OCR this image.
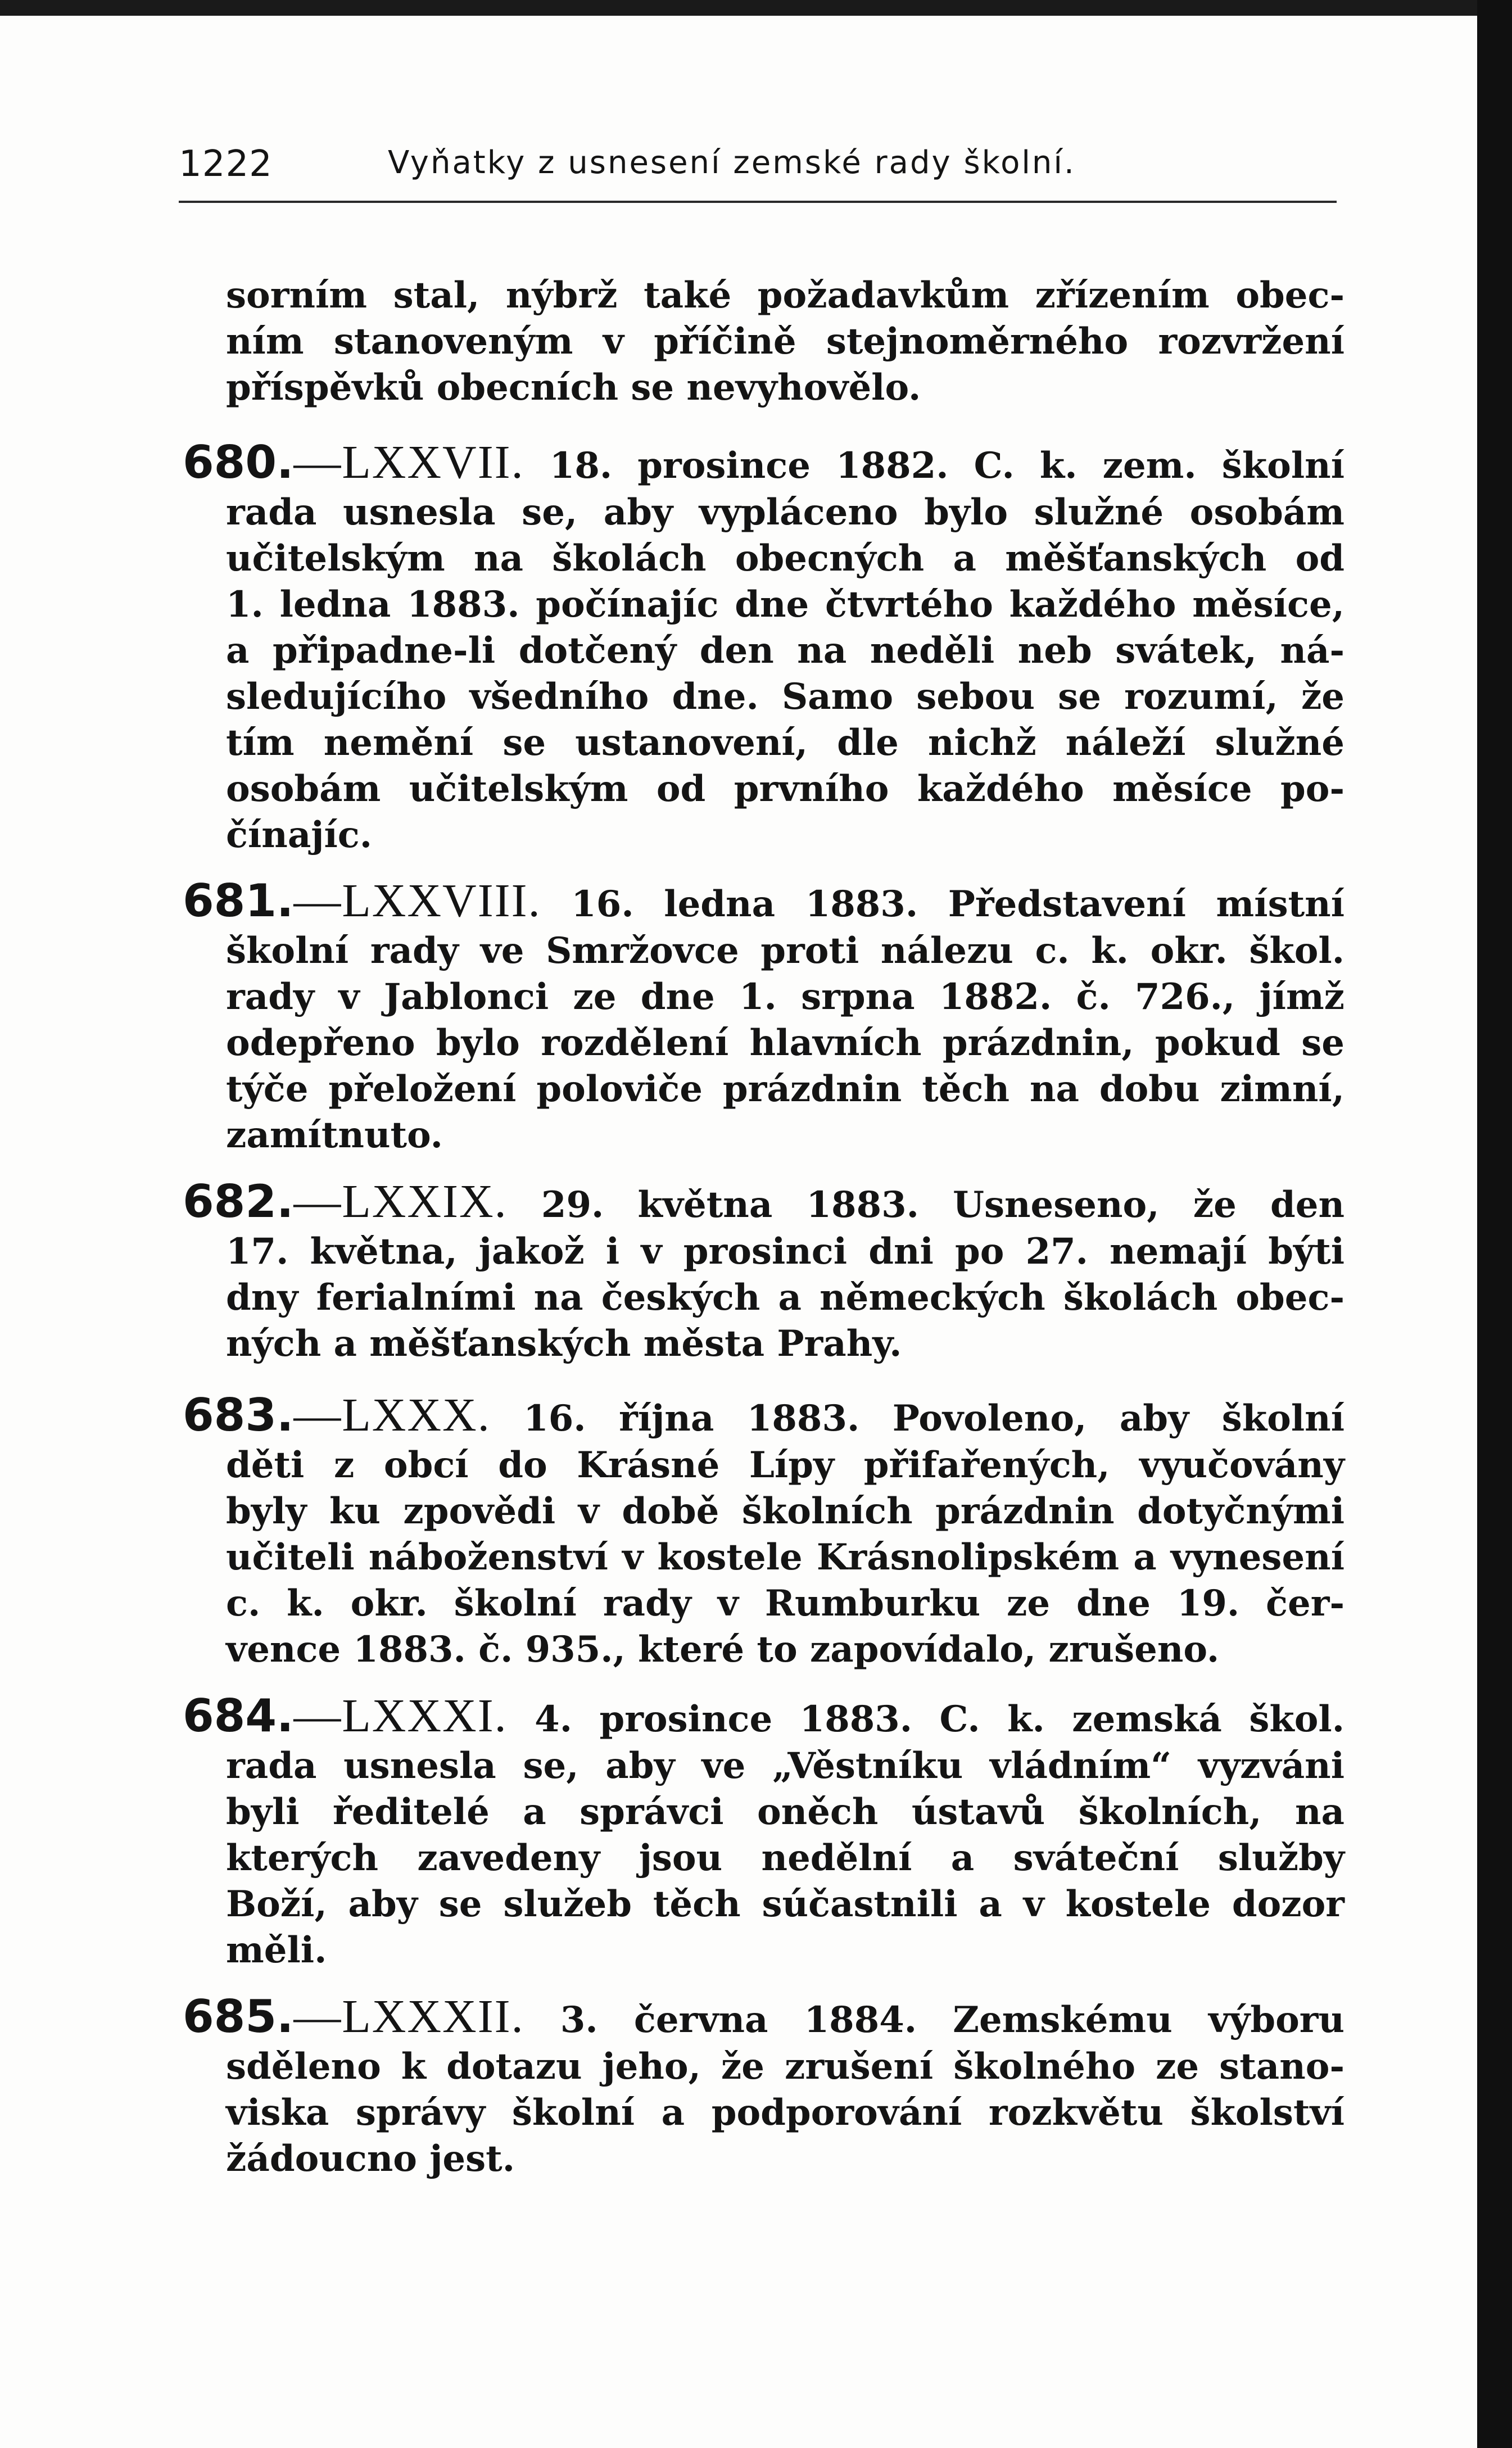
1222	Vyňatky z usnesení zemské rady školní.
sorním stal, nýbrž také požadavkům zřízením obec-
ním stanoveným v příčině stejnoměrného rozvržení
příspěvků obecních se nevyhovělo.
680.—LXXVII. 18. prosince 1882. C. k. zem. školní
rada usnesla se, aby vypláceno bylo služné osobám
učitelským na školách obecných a měšťanských od
1. ledna 1883. počínajíc dne čtvrtého každého měsíce,
a připadne-li dotčený den na neděli neb svátek, ná-
sledujícího všedního dne. Samo sebou se rozumí, že
tím nemění se ustanovení, dle nichž náleží služné
osobám učitelským od prvního každého měsíce po-
čínajíc.
681.—LXXVIII. 16. ledna 1883. Představení místní
školní rady ve Smržovce proti nálezu c. k. okr. škol.
rady v Jablonci ze dne 1. srpna 1882. č. 726., jímž
odepřeno bylo rozdělení hlavních prázdnin, pokud se
týče přeložení poloviče prázdnin těch na dobu zimní,
zamítnuto.
682.—LXXIX. 29. května 1883. Usneseno, že den
17. května, jakož i v prosinci dni po 27. nemají býti
dny ferialními na českých a německých školách obec-
ných a měšťanských města Prahy.
683.—LXXX. 16. října 1883. Povoleno, aby školní
děti z obcí do Krásné Lípy přifařených, vyučovány
byly ku zpovědi v době školních prázdnin dotyčnými
učiteli náboženství v kostele Krásnolipském a vynesení
c. k. okr. školní rady v Rumburku ze dne 19. čer-
vence 1883. č. 935., které to zapovídalo, zrušeno.
684.—LXXXI. 4. prosince 1883. C. k. zemská škol.
rada usnesla se, aby ve „Věstníku vládním“ vyzváni
byli ředitelé a správci oněch ústavů školních, na
kterých zavedeny jsou nedělní a sváteční služby
Boží, aby se služeb těch súčastnili a v kostele dozor
měli.
685.—LXXXII. 3. června 1884. Zemskému výboru
sděleno k dotazu jeho, že zrušení školného ze stano-
viska správy školní a podporování rozkvětu školství
žádoucno jest.
